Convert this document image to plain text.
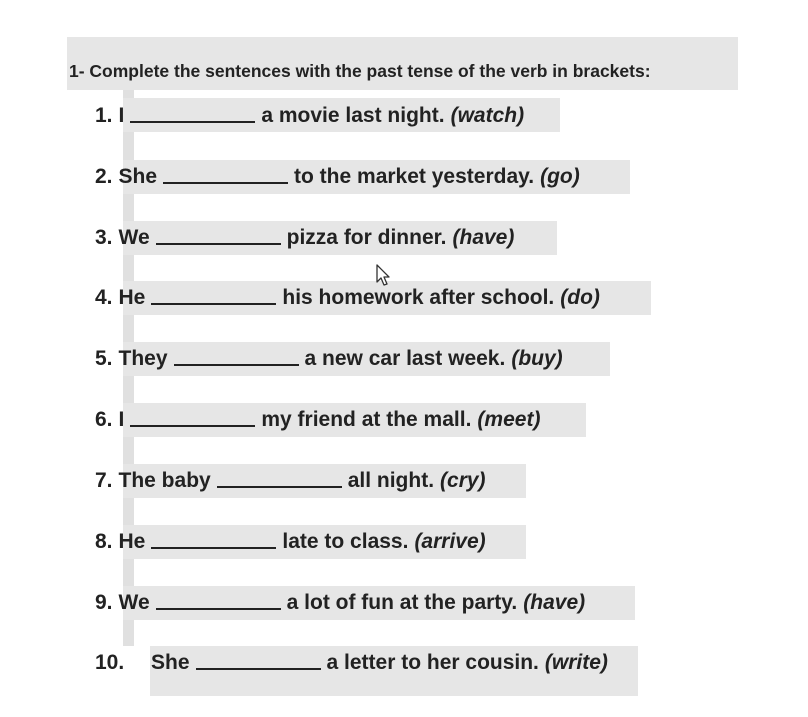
1- Complete the sentences with the past tense of the verb in brackets:
1. I	a movie last night. (watch)
2. She	to the market yesterday. (go)
3. We	pizza for dinner. (have)
4. He	his homework after school. (do)
5. They	a new car last week. (buy)
6. I	my friend at the mall. (meet)
7. The baby	all night. (cry)
8. He	late to class. (arrive)
9. We	a lot of fun at the party. (have)
10.	She	a letter to her cousin. (write)
